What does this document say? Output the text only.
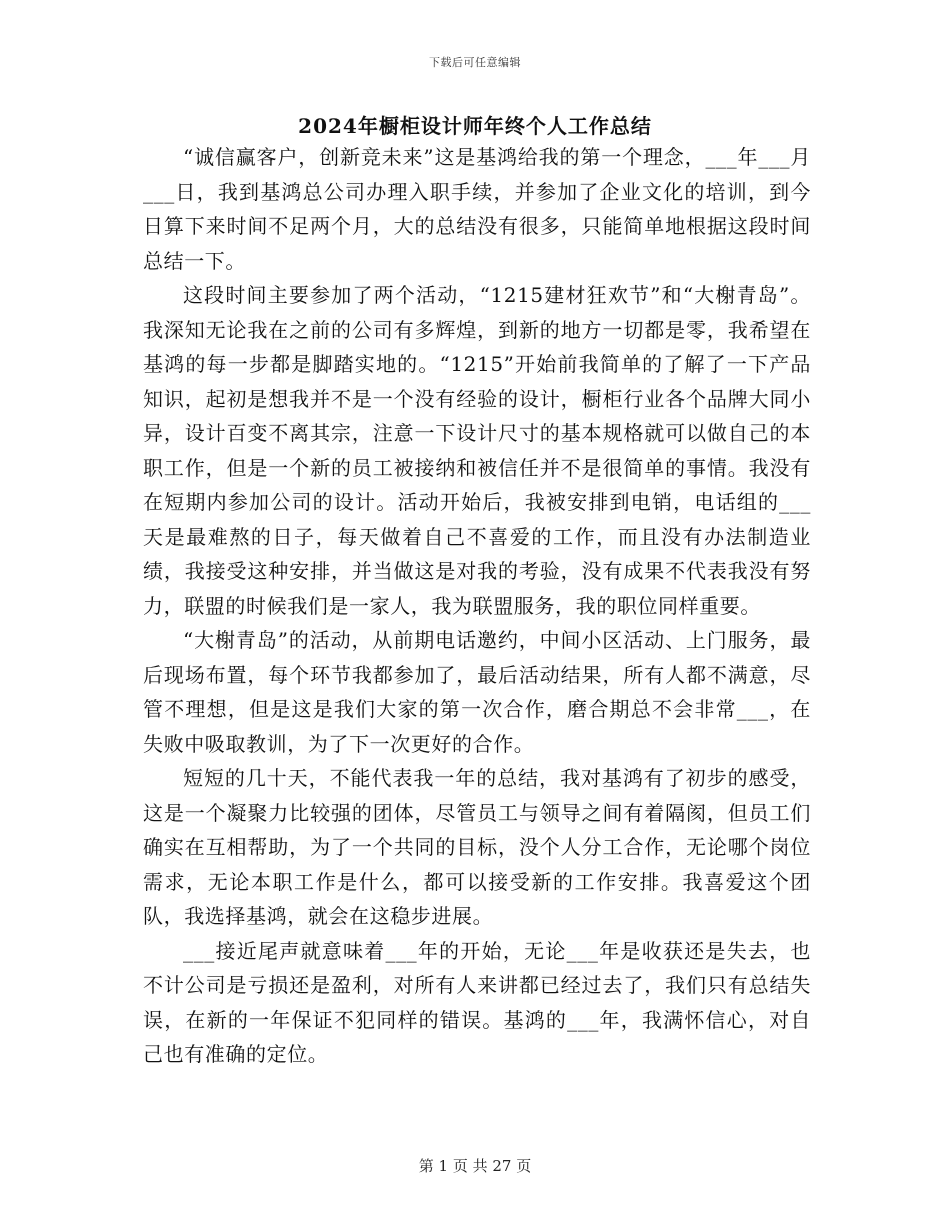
下载后可任意编辑
2024年橱柜设计师年终个人工作总结

“诚信赢客户，创新竞未来”这是基鸿给我的第一个理念，___年___月___日，我到基鸿总公司办理入职手续，并参加了企业文化的培训，到今日算下来时间不足两个月，大的总结没有很多，只能简单地根据这段时间总结一下。

这段时间主要参加了两个活动，“1215建材狂欢节”和“大榭青岛”。我深知无论我在之前的公司有多辉煌，到新的地方一切都是零，我希望在基鸿的每一步都是脚踏实地的。“1215”开始前我简单的了解了一下产品知识，起初是想我并不是一个没有经验的设计，橱柜行业各个品牌大同小异，设计百变不离其宗，注意一下设计尺寸的基本规格就可以做自己的本职工作，但是一个新的员工被接纳和被信任并不是很简单的事情。我没有在短期内参加公司的设计。活动开始后，我被安排到电销，电话组的___天是最难熬的日子，每天做着自己不喜爱的工作，而且没有办法制造业绩，我接受这种安排，并当做这是对我的考验，没有成果不代表我没有努力，联盟的时候我们是一家人，我为联盟服务，我的职位同样重要。

“大榭青岛”的活动，从前期电话邀约，中间小区活动、上门服务，最后现场布置，每个环节我都参加了，最后活动结果，所有人都不满意，尽管不理想，但是这是我们大家的第一次合作，磨合期总不会非常___，在失败中吸取教训，为了下一次更好的合作。

短短的几十天，不能代表我一年的总结，我对基鸿有了初步的感受，这是一个凝聚力比较强的团体，尽管员工与领导之间有着隔阂，但员工们确实在互相帮助，为了一个共同的目标，没个人分工合作，无论哪个岗位需求，无论本职工作是什么，都可以接受新的工作安排。我喜爱这个团队，我选择基鸿，就会在这稳步进展。

___接近尾声就意味着___年的开始，无论___年是收获还是失去，也不计公司是亏损还是盈利，对所有人来讲都已经过去了，我们只有总结失误，在新的一年保证不犯同样的错误。基鸿的___年，我满怀信心，对自己也有准确的定位。

第 1 页 共 27 页
